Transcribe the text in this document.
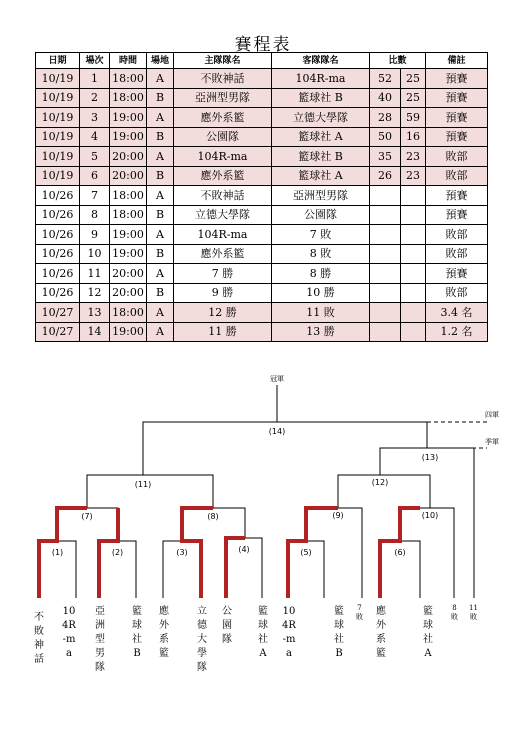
賽程表
日期	場次	時間	場地	主隊隊名	客隊隊名	比數		備註
10/19	1	18:00	A	不敗神話	104R-ma	52	25	預賽
10/19	2	18:00	B	亞洲型男隊	籃球社 B	40	25	預賽
10/19	3	19:00	A	應外系籃	立德大學隊	28	59	預賽
10/19	4	19:00	B	公園隊	籃球社 A	50	16	預賽
10/19	5	20:00	A	104R-ma	籃球社 B	35	23	敗部
10/19	6	20:00	B	應外系籃	籃球社 A	26	23	敗部
10/26	7	18:00	A	不敗神話	亞洲型男隊			預賽
10/26	8	18:00	B	立德大學隊	公園隊			預賽
10/26	9	19:00	A	104R-ma	7 敗			敗部
10/26	10	19:00	B	應外系籃	8 敗			敗部
10/26	11	20:00	A	7 勝	8 勝			預賽
10/26	12	20:00	B	9 勝	10 勝			敗部
10/27	13	18:00	A	12 勝	11 敗			3.4 名
10/27	14	19:00	A	11 勝	13 勝			1.2 名
(1)	(2)	(3)	(4)	(5)	(6)
(7)	(8)	(9)	(10)
(11)	(12)
(13)
(14)
冠軍
四軍
季軍
不敗神話
104R-ma
亞洲型男隊
籃球社B
應外系籃
立德大學隊
公園隊
籃球社A
104R-ma
7敗
籃球社B
應外系籃
籃球社A
8敗
11敗
